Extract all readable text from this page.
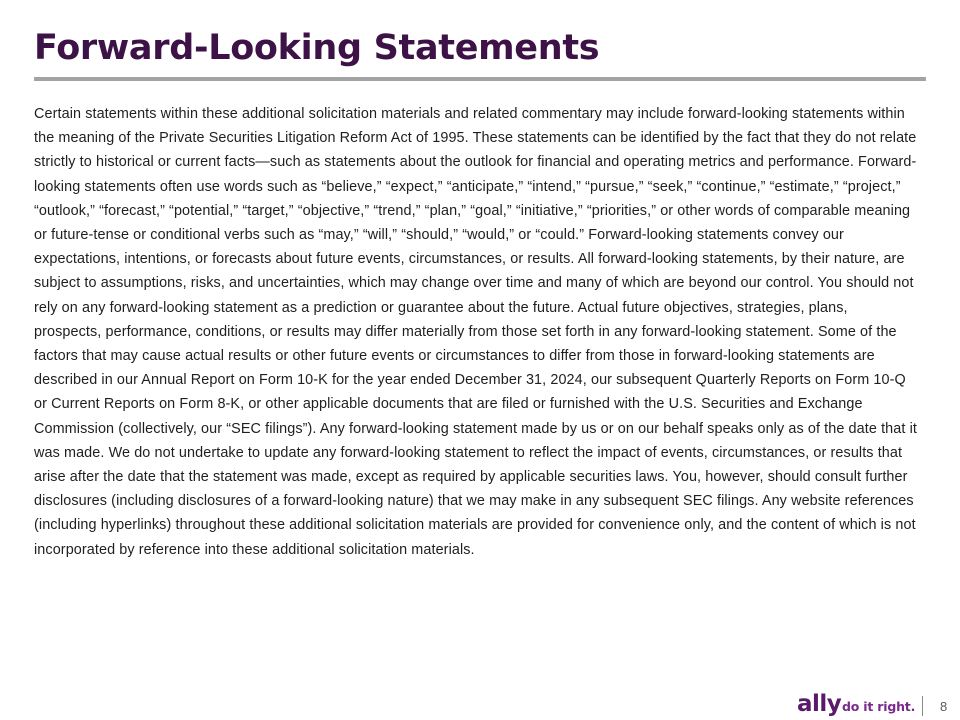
Forward-Looking Statements

Certain statements within these additional solicitation materials and related commentary may include forward-looking statements within the meaning of the Private Securities Litigation Reform Act of 1995. These statements can be identified by the fact that they do not relate strictly to historical or current facts—such as statements about the outlook for financial and operating metrics and performance. Forward-looking statements often use words such as “believe,” “expect,” “anticipate,” “intend,” “pursue,” “seek,” “continue,” “estimate,” “project,” “outlook,” “forecast,” “potential,” “target,” “objective,” “trend,” “plan,” “goal,” “initiative,” “priorities,” or other words of comparable meaning or future-tense or conditional verbs such as “may,” “will,” “should,” “would,” or “could.” Forward-looking statements convey our expectations, intentions, or forecasts about future events, circumstances, or results. All forward-looking statements, by their nature, are subject to assumptions, risks, and uncertainties, which may change over time and many of which are beyond our control. You should not rely on any forward-looking statement as a prediction or guarantee about the future. Actual future objectives, strategies, plans, prospects, performance, conditions, or results may differ materially from those set forth in any forward-looking statement. Some of the factors that may cause actual results or other future events or circumstances to differ from those in forward-looking statements are described in our Annual Report on Form 10-K for the year ended December 31, 2024, our subsequent Quarterly Reports on Form 10-Q or Current Reports on Form 8-K, or other applicable documents that are filed or furnished with the U.S. Securities and Exchange Commission (collectively, our “SEC filings”). Any forward-looking statement made by us or on our behalf speaks only as of the date that it was made. We do not undertake to update any forward-looking statement to reflect the impact of events, circumstances, or results that arise after the date that the statement was made, except as required by applicable securities laws. You, however, should consult further disclosures (including disclosures of a forward-looking nature) that we may make in any subsequent SEC filings. Any website references (including hyperlinks) throughout these additional solicitation materials are provided for convenience only, and the content of which is not incorporated by reference into these additional solicitation materials.

ally do it right. 8
